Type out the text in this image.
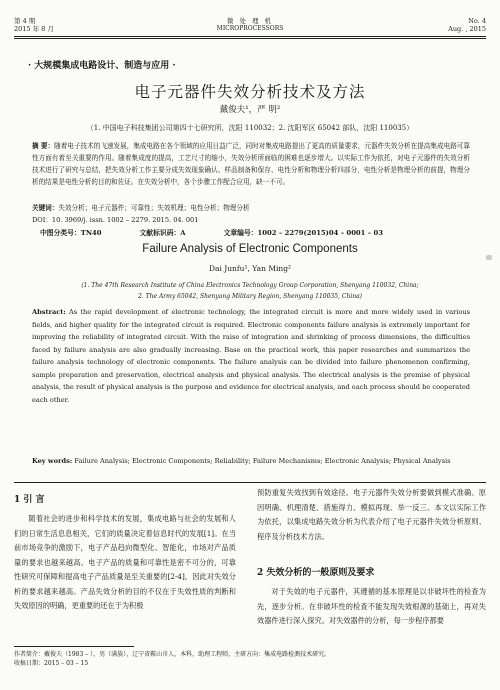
第 4 期
2015 年 8 月
微 处 理 机
MICROPROCESSORS
No. 4
Aug. , 2015
· 大规模集成电路设计、制造与应用 ·
电子元器件失效分析技术及方法
戴俊夫¹，严 明²
（1. 中国电子科技集团公司第四十七研究所，沈阳 110032；2. 沈阳军区 65042 部队，沈阳 110035）
摘 要：随着电子技术的飞速发展，集成电路在各个领域的应用日益广泛，同时对集成电路提出了更高的质量要求，元器件失效分析在提高集成电路可靠性方面有着至关重要的作用。随着集成度的提高，工艺尺寸的缩小，失效分析所面临的困难也逐步增大。以实际工作为依托，对电子元器件的失效分析技术进行了研究与总结，把失效分析工作主要分成失效现象确认、样品制备和保存、电性分析和物理分析四部分，电性分析是物理分析的前提，物理分析的结果是电性分析的目的和佐证。在失效分析中，各个步骤工作配合应用，缺一不可。
关键词：失效分析；电子元器件；可靠性；失效机理；电性分析；物理分析
DOI：10. 3969/j. issn. 1002 – 2279. 2015. 04. 001
中图分类号：TN40	文献标识码：A	文章编号：1002 – 2279(2015)04 – 0001 – 03
Failure Analysis of Electronic Components
Dai Junfu¹, Yan Ming²
(1. The 47th Research Institute of China Electronics Technology Group Corporation, Shenyang 110032, China;
2. The Army 65042, Shenyang Military Region, Shenyang 110035, China)
Abstract: As the rapid development of electronic technology, the integrated circuit is more and more widely used in various fields, and higher quality for the integrated circuit is required. Electronic components failure analysis is extremely important for improving the reliability of integrated circuit. With the raise of integration and shrinking of process dimensions, the difficulties faced by failure analysis are also gradually increasing. Base on the practical work, this paper researches and summarizes the failure analysis technology of electronic components. The failure analysis can be divided into failure phenomenon confirming, sample preparation and preservation, electrical analysis and physical analysis. The electrical analysis is the premise of physical analysis, the result of physical analysis is the purpose and evidence for electrical analysis, and each process should be cooperated each other.
Key words: Failure Analysis; Electronic Components; Reliability; Failure Mechanisms; Electronic Analysis; Physical Analysis
1 引 言
随着社会的进步和科学技术的发展，集成电路与社会的发展和人们的日常生活息息相关，它们的质量决定着信息时代的发展[1]。在当前市场竞争的激励下，电子产品趋向微型化、智能化，市场对产品质量的要求也越来越高。电子产品的质量和可靠性是密不可分的，可靠性研究可保障和提高电子产品质量是至关重要的[2-4]，因此对失效分析的要求越来越高。产品失效分析的目的不仅在于失效性质的判断和失效原因的明确，更重要的还在于为积极
预防重复失效找到有效途径。电子元器件失效分析要做到模式准确、原因明确、机理清楚、措施得力、模拟再现、举一反三。本文以实际工作为依托，以集成电路失效分析为代表介绍了电子元器件失效分析原则、程序及分析技术方法。
2 失效分析的一般原则及要求
对于失效的电子元器件，其遵循的基本原理是以非破坏性的检查为先，逐步分析。在非破坏性的检查不能发现失效根源的基础上，再对失效器件进行深入探究。对失效器件的分析，每一步程序都要
作者简介：戴俊夫（1983 – ），男（满族），辽宁省鞍山市人，本科，助理工程师，主研方向：集成电路检测技术研究。
收稿日期：2015 – 03 – 15
